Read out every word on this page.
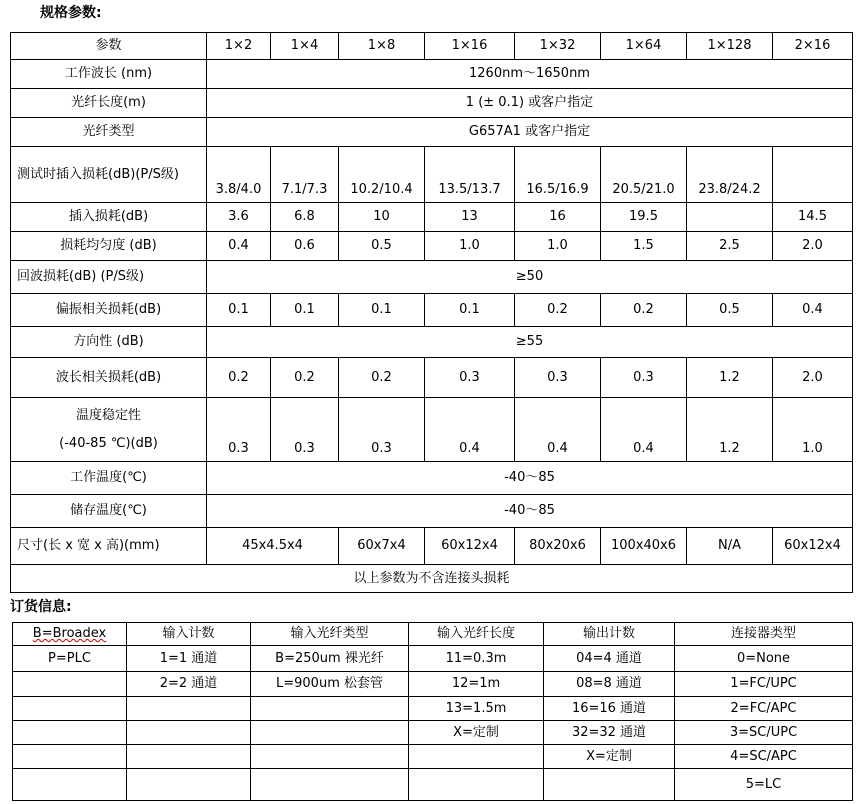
规格参数:
参数	1×2	1×4	1×8	1×16	1×32	1×64	1×128	2×16
工作波长 (nm)	1260nm～1650nm							
光纤长度(m)	1 (± 0.1) 或客户指定							
光纤类型	G657A1 或客户指定							
测试时插入损耗(dB)(P/S级)	3.8/4.0	7.1/7.3	10.2/10.4	13.5/13.7	16.5/16.9	20.5/21.0	23.8/24.2	
插入损耗(dB)	3.6	6.8	10	13	16	19.5		14.5
损耗均匀度 (dB)	0.4	0.6	0.5	1.0	1.0	1.5	2.5	2.0
回波损耗(dB) (P/S级)	≥50							
偏振相关损耗(dB)	0.1	0.1	0.1	0.1	0.2	0.2	0.5	0.4
方向性 (dB)	≥55							
波长相关损耗(dB)	0.2	0.2	0.2	0.3	0.3	0.3	1.2	2.0

温度稳定性
(-40-85 ℃)(dB)	0.3	0.3	0.3	0.4	0.4	0.4	1.2	1.0
工作温度(℃)	-40～85							
储存温度(℃)	-40～85							
尺寸(长 x 宽 x 高)(mm)	45x4.5x4		60x7x4	60x12x4	80x20x6	100x40x6	N/A	60x12x4
以上参数为不含连接头损耗								
订货信息:
B=Broadex	输入计数	输入光纤类型	输入光纤长度	输出计数	连接器类型
P=PLC	1=1 通道	B=250um 裸光纤	11=0.3m	04=4 通道	0=None
	2=2 通道	L=900um 松套管	12=1m	08=8 通道	1=FC/UPC
			13=1.5m	16=16 通道	2=FC/APC
			X=定制	32=32 通道	3=SC/UPC
				X=定制	4=SC/APC
					5=LC
